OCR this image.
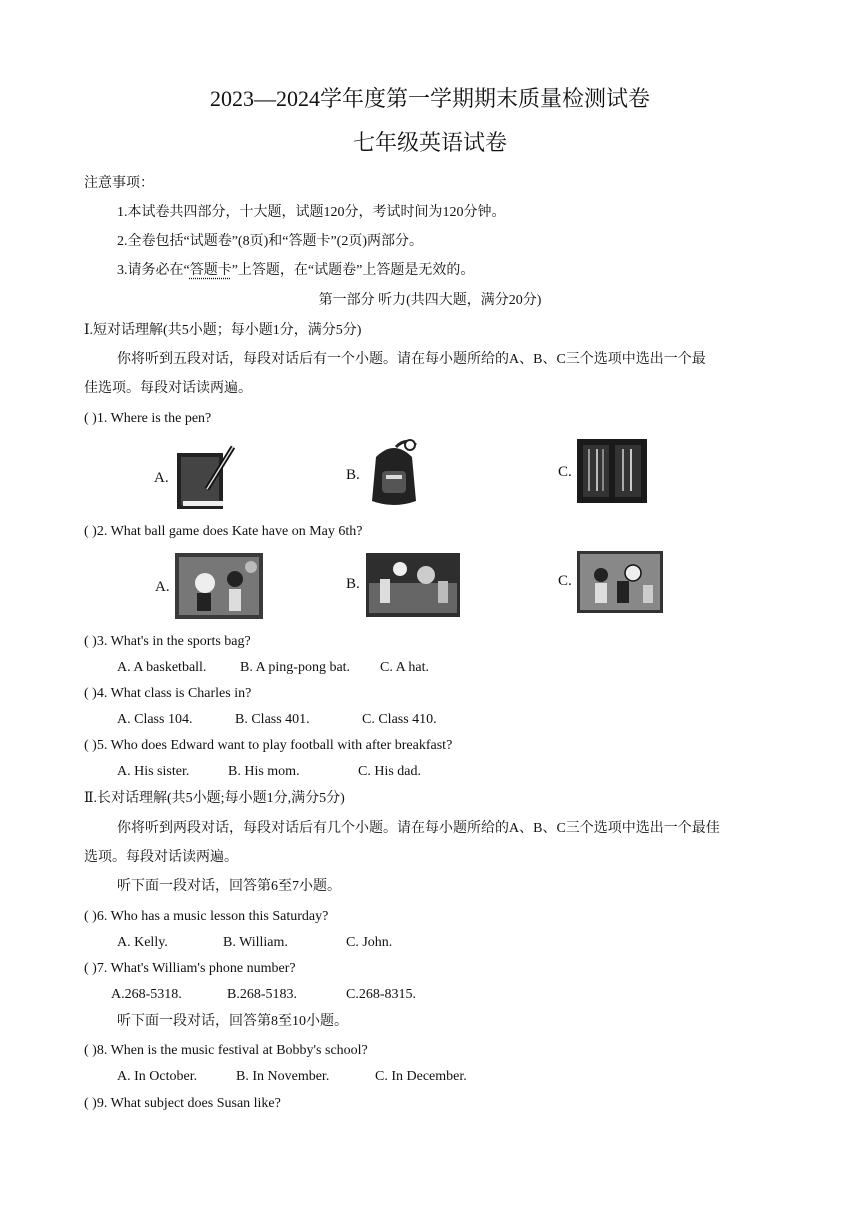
2023—2024学年度第一学期期末质量检测试卷
七年级英语试卷
注意事项：
1.本试卷共四部分，十大题，试题120分，考试时间为120分钟。
2.全卷包括“试题卷”(8页)和“答题卡”(2页)两部分。
3.请务必在“答题卡”上答题，在“试题卷”上答题是无效的。
第一部分 听力(共四大题，满分20分)
Ⅰ.短对话理解(共5小题；每小题1分，满分5分)
你将听到五段对话，每段对话后有一个小题。请在每小题所给的A、B、C三个选项中选出一个最
佳选项。每段对话读两遍。
( )1. Where is the pen?
A.	B.	C.
( )2. What ball game does Kate have on May 6th?
A.	B.	C.
( )3. What's in the sports bag?
A. A basketball. B. A ping-pong bat. C. A hat.
( )4. What class is Charles in?
A. Class 104.	B. Class 401.	C. Class 410.
( )5. Who does Edward want to play football with after breakfast?
A. His sister.	B. His mom.	C. His dad.
Ⅱ.长对话理解(共5小题;每小题1分,满分5分)
你将听到两段对话，每段对话后有几个小题。请在每小题所给的A、B、C三个选项中选出一个最佳
选项。每段对话读两遍。
听下面一段对话，回答第6至7小题。
( )6. Who has a music lesson this Saturday?
A. Kelly.	B. William.	C. John.
( )7. What's William's phone number?
A.268-5318.	B.268-5183.	C.268-8315.
听下面一段对话，回答第8至10小题。
( )8. When is the music festival at Bobby's school?
A. In October.	B. In November.	C. In December.
( )9. What subject does Susan like?
